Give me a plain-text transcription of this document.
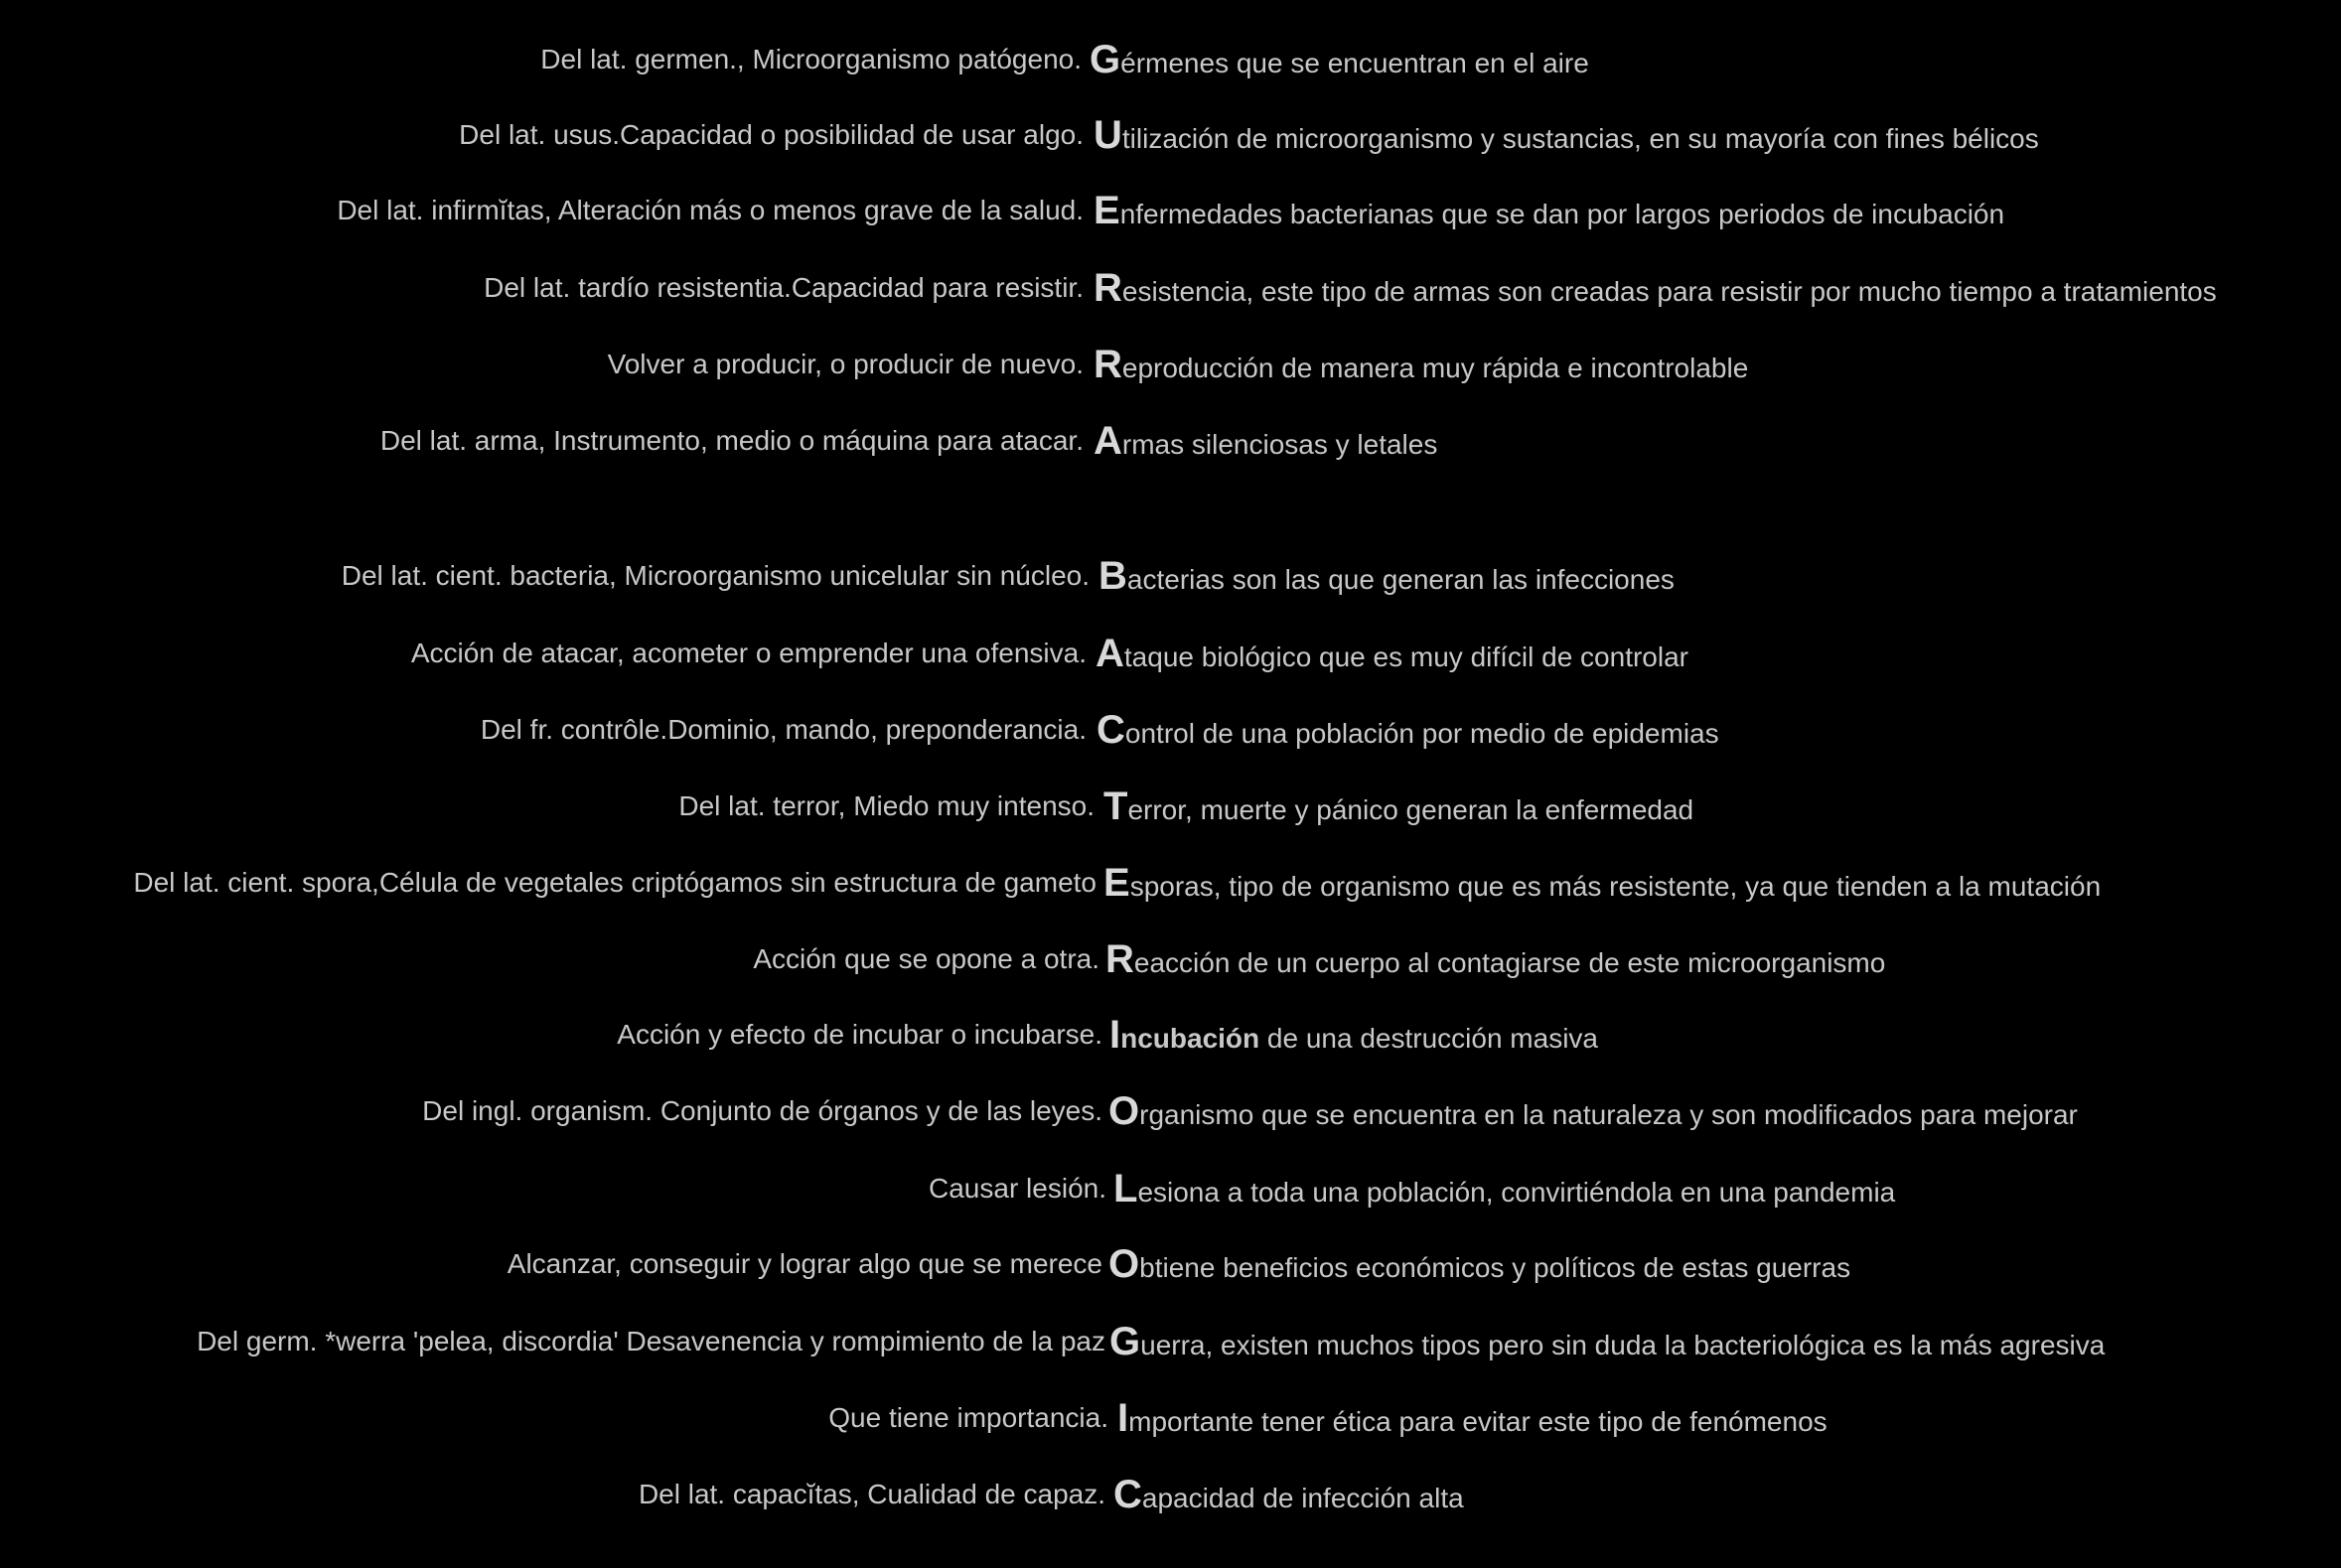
Del lat. germen., Microorganismo patógeno. Gérmenes que se encuentran en el aire
Del lat. usus.Capacidad o posibilidad de usar algo. Utilización de microorganismo y sustancias, en su mayoría con fines bélicos
Del lat. infirmĭtas, Alteración más o menos grave de la salud. Enfermedades bacterianas que se dan por largos periodos de incubación
Del lat. tardío resistentia.Capacidad para resistir. Resistencia, este tipo de armas son creadas para resistir por mucho tiempo a tratamientos
Volver a producir, o producir de nuevo. Reproducción de manera muy rápida e incontrolable
Del lat. arma, Instrumento, medio o máquina para atacar. Armas silenciosas y letales
Del lat. cient. bacteria, Microorganismo unicelular sin núcleo. Bacterias son las que generan las infecciones
Acción de atacar, acometer o emprender una ofensiva. Ataque biológico que es muy difícil de controlar
Del fr. contrôle.Dominio, mando, preponderancia. Control de una población por medio de epidemias
Del lat. terror, Miedo muy intenso. Terror, muerte y pánico generan la enfermedad
Del lat. cient. spora,Célula de vegetales criptógamos sin estructura de gameto Esporas, tipo de organismo que es más resistente, ya que tienden a la mutación
Acción que se opone a otra. Reacción de un cuerpo al contagiarse de este microorganismo
Acción y efecto de incubar o incubarse. Incubación de una destrucción masiva
Del ingl. organism. Conjunto de órganos y de las leyes. Organismo que se encuentra en la naturaleza y son modificados para mejorar
Causar lesión. Lesiona a toda una población, convirtiéndola en una pandemia
Alcanzar, conseguir y lograr algo que se merece Obtiene beneficios económicos y políticos de estas guerras
Del germ. *werra 'pelea, discordia' Desavenencia y rompimiento de la paz Guerra, existen muchos tipos pero sin duda la bacteriológica es la más agresiva
Que tiene importancia. Importante tener ética para evitar este tipo de fenómenos
Del lat. capacĭtas, Cualidad de capaz. Capacidad de infección alta
